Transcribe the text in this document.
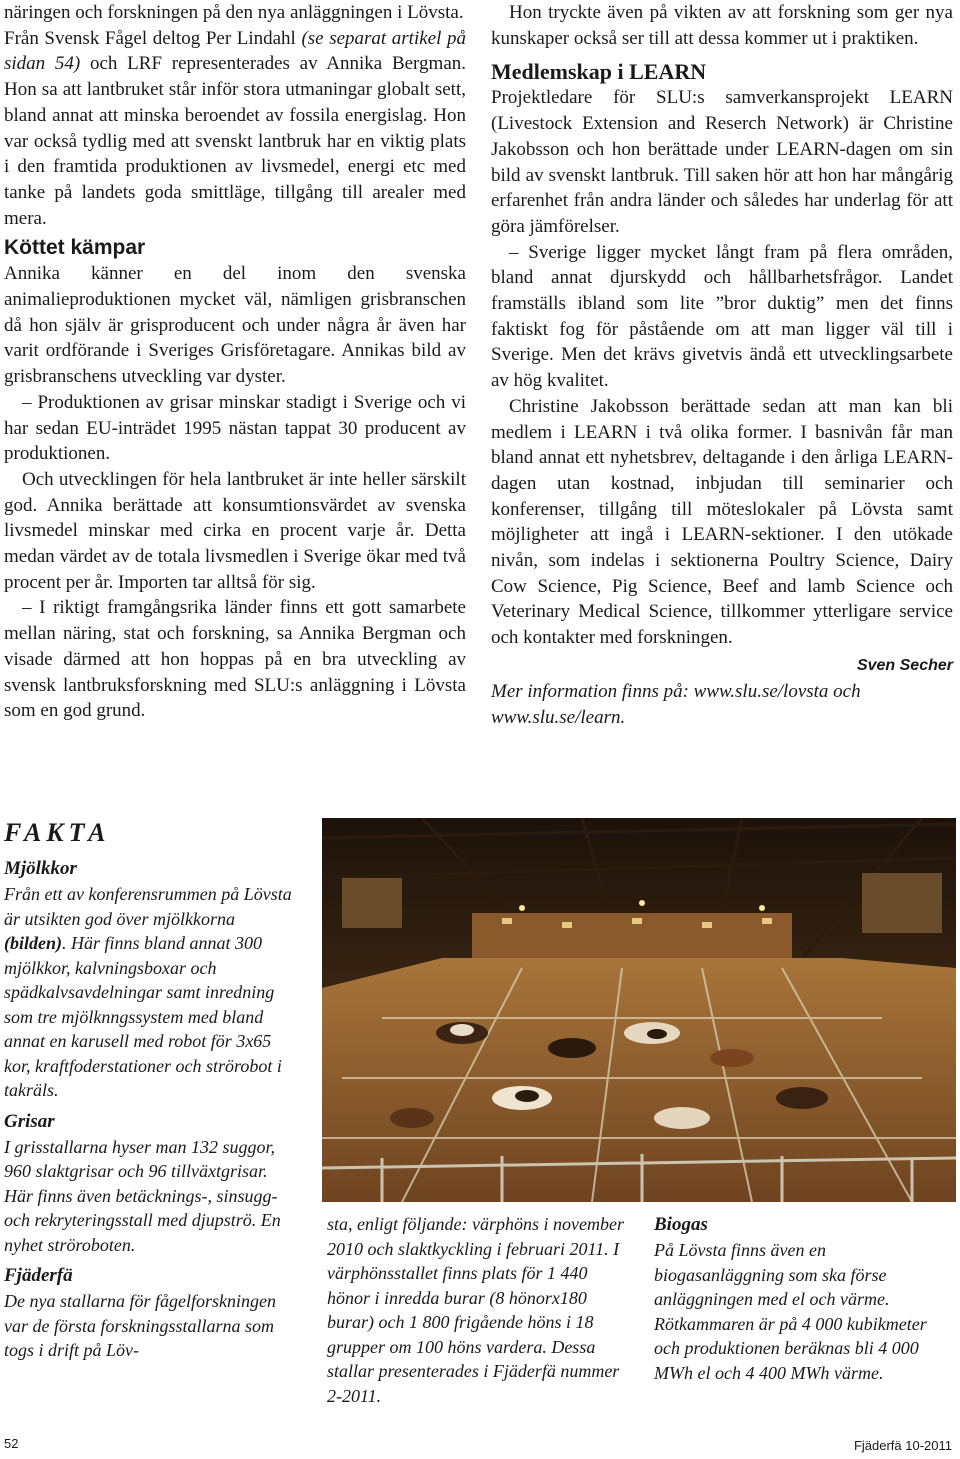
näringen och forskningen på den nya anläggningen i Lövsta.

Från Svensk Fågel deltog Per Lindahl (se separat artikel på sidan 54) och LRF representerades av Annika Bergman. Hon sa att lantbruket står inför stora utmaningar globalt sett, bland annat att minska beroendet av fossila energislag. Hon var också tydlig med att svenskt lantbruk har en viktig plats i den framtida produktionen av livsmedel, energi etc med tanke på landets goda smittläge, tillgång till arealer med mera.

Köttet kämpar

Annika känner en del inom den svenska animalieproduktionen mycket väl, nämligen grisbranschen då hon själv är grisproducent och under några år även har varit ordförande i Sveriges Grisföretagare. Annikas bild av grisbranschens utveckling var dyster.

– Produktionen av grisar minskar stadigt i Sverige och vi har sedan EU-inträdet 1995 nästan tappat 30 producent av produktionen.

Och utvecklingen för hela lantbruket är inte heller särskilt god. Annika berättade att konsumtionsvärdet av svenska livsmedel minskar med cirka en procent varje år. Detta medan värdet av de totala livsmedlen i Sverige ökar med två procent per år. Importen tar alltså för sig.

– I riktigt framgångsrika länder finns ett gott samarbete mellan näring, stat och forskning, sa Annika Bergman och visade därmed att hon hoppas på en bra utveckling av svensk lantbruksforskning med SLU:s anläggning i Lövsta som en god grund.

Hon tryckte även på vikten av att forskning som ger nya kunskaper också ser till att dessa kommer ut i praktiken.

Medlemskap i LEARN

Projektledare för SLU:s samverkansprojekt LEARN (Livestock Extension and Reserch Network) är Christine Jakobsson och hon berättade under LEARN-dagen om sin bild av svenskt lantbruk. Till saken hör att hon har mångårig erfarenhet från andra länder och således har underlag för att göra jämförelser.

– Sverige ligger mycket långt fram på flera områden, bland annat djurskydd och hållbarhetsfrågor. Landet framställs ibland som lite ”bror duktig” men det finns faktiskt fog för påstående om att man ligger väl till i Sverige. Men det krävs givetvis ändå ett utvecklingsarbete av hög kvalitet.

Christine Jakobsson berättade sedan att man kan bli medlem i LEARN i två olika former. I basnivån får man bland annat ett nyhetsbrev, deltagande i den årliga LEARN-dagen utan kostnad, inbjudan till seminarier och konferenser, tillgång till möteslokaler på Lövsta samt möjligheter att ingå i LEARN-sektioner. I den utökade nivån, som indelas i sektionerna Poultry Science, Dairy Cow Science, Pig Science, Beef and lamb Science och Veterinary Medical Science, tillkommer ytterligare service och kontakter med forskningen.

Sven Secher

Mer information finns på: www.slu.se/lovsta och www.slu.se/learn.

FAKTA
Mjölkkor

Från ett av konferensrummen på Lövsta är utsikten god över mjölkkorna (bilden). Här finns bland annat 300 mjölkkor, kalvningsboxar och spädkalvsavdelningar samt inredning som tre mjölknngssystem med bland annat en karusell med robot för 3x65 kor, kraftfoderstationer och strörobot i takräls.

Grisar

I grisstallarna hyser man 132 suggor, 960 slaktgrisar och 96 tillväxtgrisar. Här finns även betäcknings-, sinsugg- och rekryteringsstall med djupströ. En nyhet ströroboten.

Fjäderfä

De nya stallarna för fågelforskningen var de första forskningsstallarna som togs i drift på Löv-

sta, enligt följande: värphöns i november 2010 och slaktkyckling i februari 2011. I värphönsstallet finns plats för 1 440 hönor i inredda burar (8 hönorx180 burar) och 1 800 frigående höns i 18 grupper om 100 höns vardera. Dessa stallar presenterades i Fjäderfä nummer 2-2011.

Biogas

På Lövsta finns även en biogasanläggning som ska förse anläggningen med el och värme. Rötkammaren är på 4 000 kubikmeter och produktionen beräknas bli 4 000 MWh el och 4 400 MWh värme.

52	Fjäderfä 10-2011
